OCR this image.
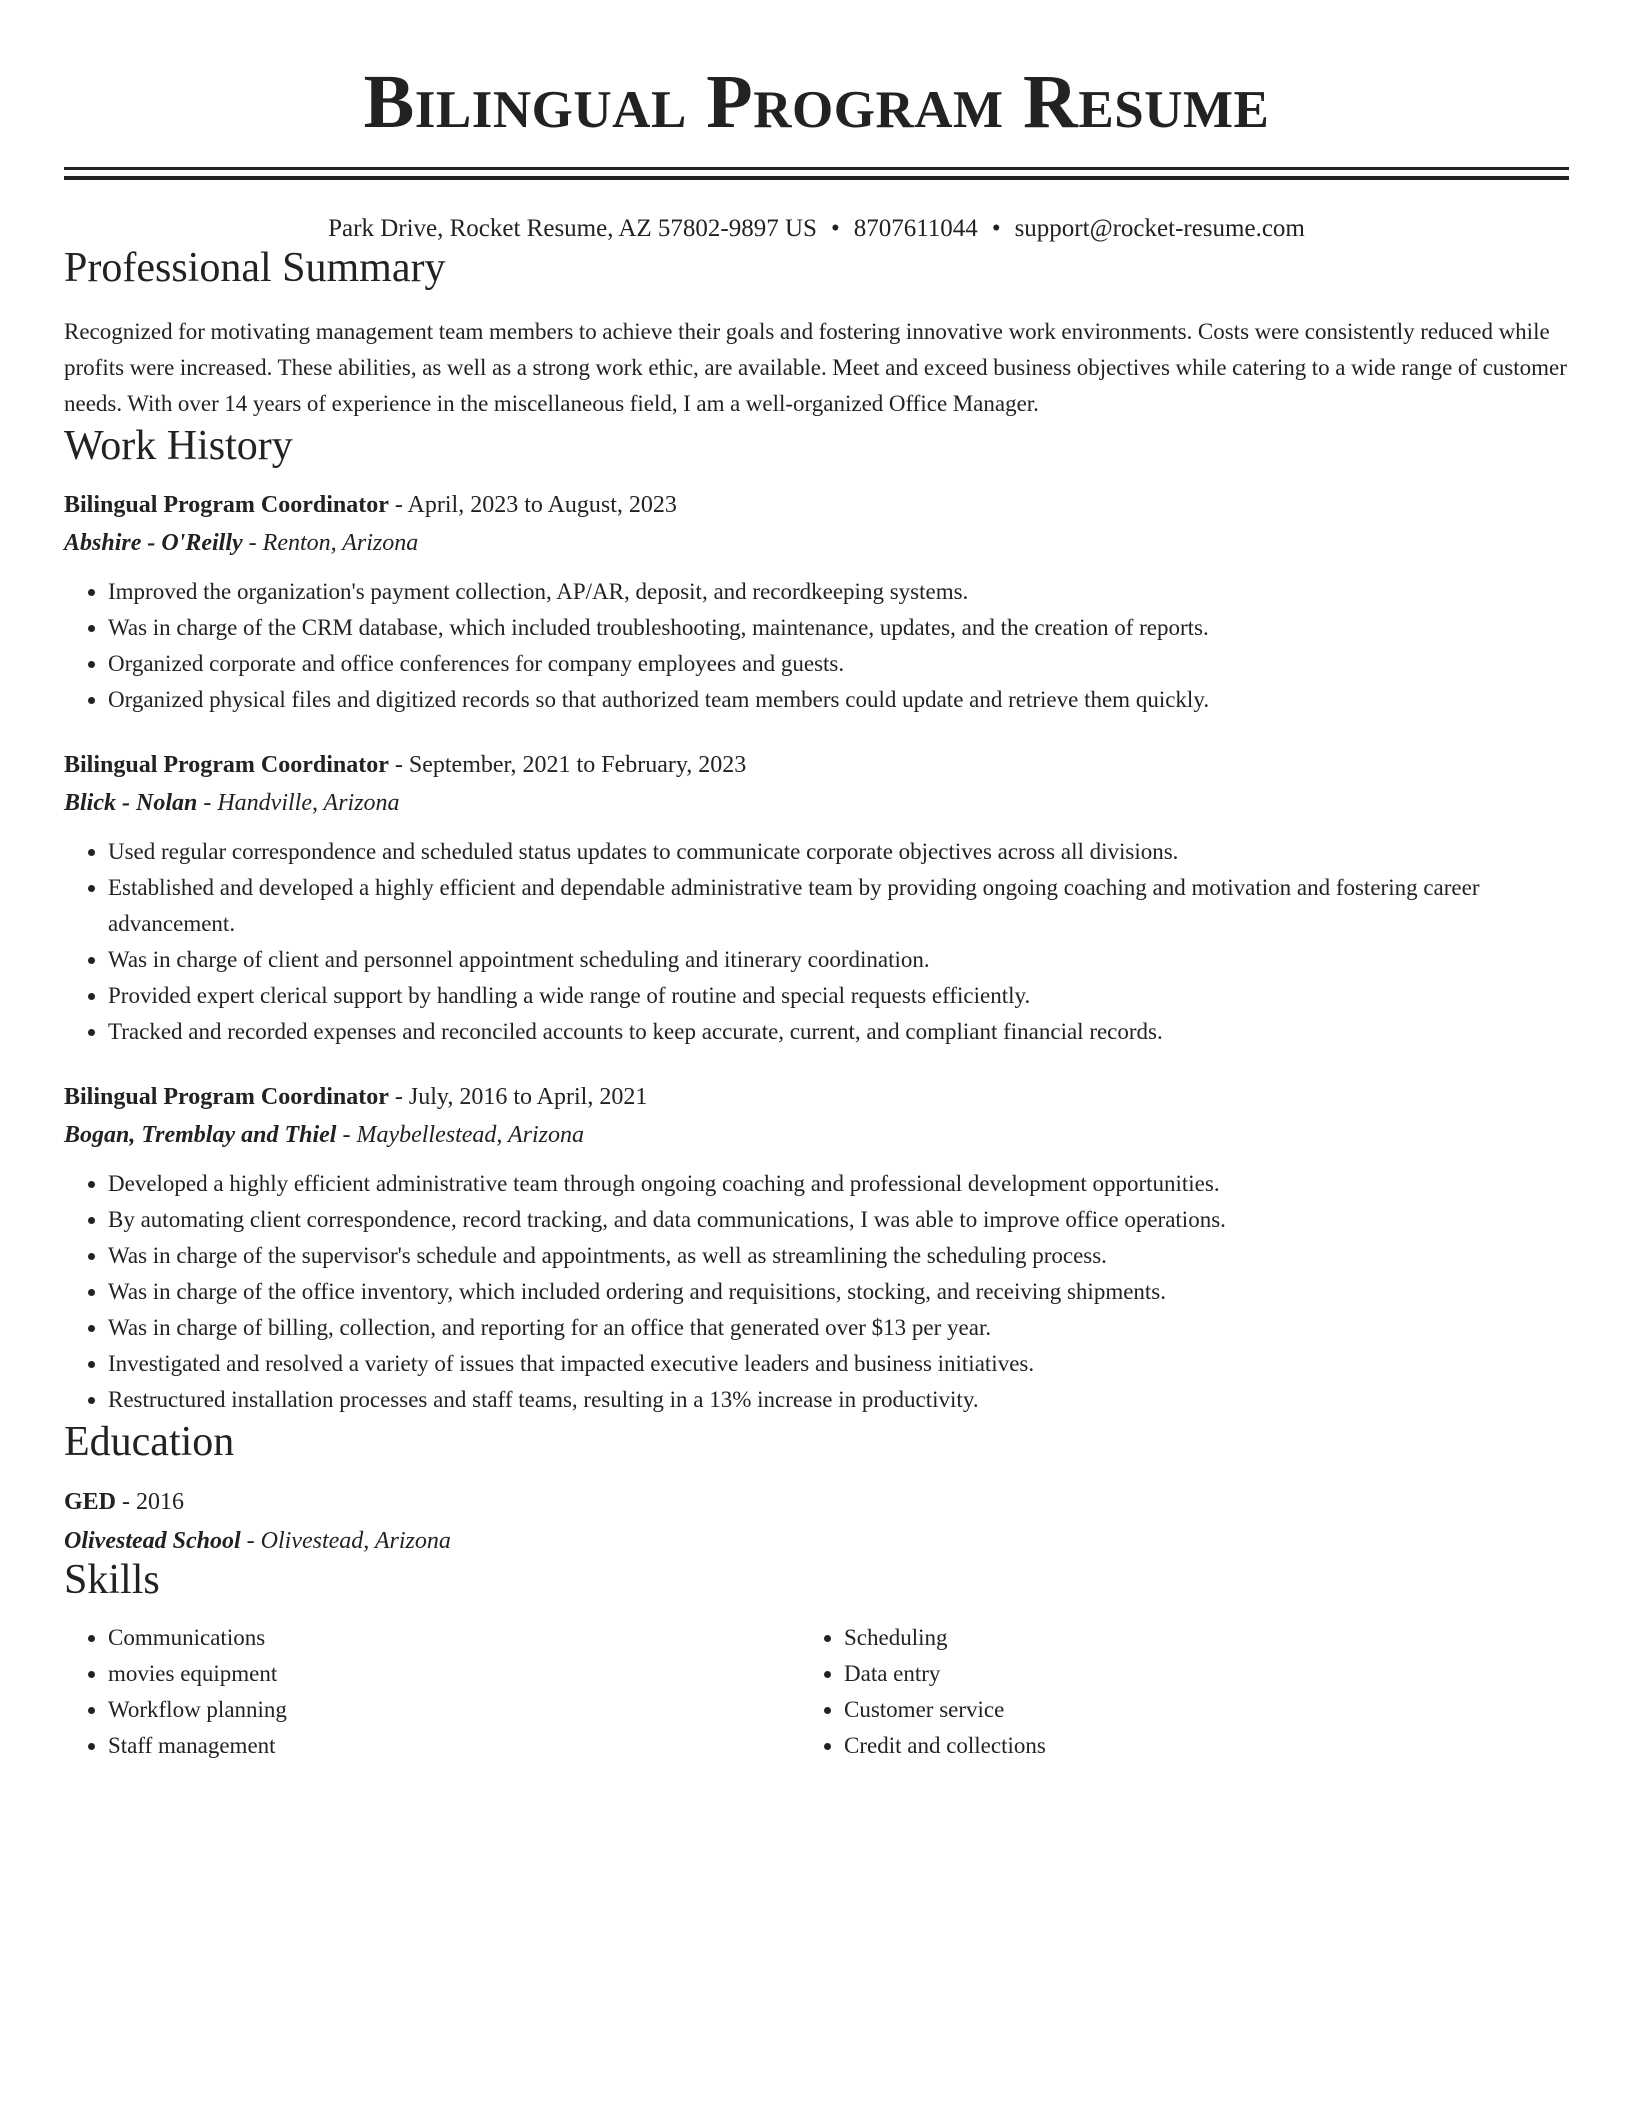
Bilingual Program Resume
Park Drive, Rocket Resume, AZ 57802-9897 US • 8707611044 • support@rocket-resume.com
Professional Summary
Recognized for motivating management team members to achieve their goals and fostering innovative work environments. Costs were consistently reduced while profits were increased. These abilities, as well as a strong work ethic, are available. Meet and exceed business objectives while catering to a wide range of customer needs. With over 14 years of experience in the miscellaneous field, I am a well-organized Office Manager.
Work History
Bilingual Program Coordinator - April, 2023 to August, 2023
Abshire - O'Reilly - Renton, Arizona
• Improved the organization's payment collection, AP/AR, deposit, and recordkeeping systems.
• Was in charge of the CRM database, which included troubleshooting, maintenance, updates, and the creation of reports.
• Organized corporate and office conferences for company employees and guests.
• Organized physical files and digitized records so that authorized team members could update and retrieve them quickly.
Bilingual Program Coordinator - September, 2021 to February, 2023
Blick - Nolan - Handville, Arizona
• Used regular correspondence and scheduled status updates to communicate corporate objectives across all divisions.
• Established and developed a highly efficient and dependable administrative team by providing ongoing coaching and motivation and fostering career advancement.
• Was in charge of client and personnel appointment scheduling and itinerary coordination.
• Provided expert clerical support by handling a wide range of routine and special requests efficiently.
• Tracked and recorded expenses and reconciled accounts to keep accurate, current, and compliant financial records.
Bilingual Program Coordinator - July, 2016 to April, 2021
Bogan, Tremblay and Thiel - Maybellestead, Arizona
• Developed a highly efficient administrative team through ongoing coaching and professional development opportunities.
• By automating client correspondence, record tracking, and data communications, I was able to improve office operations.
• Was in charge of the supervisor's schedule and appointments, as well as streamlining the scheduling process.
• Was in charge of the office inventory, which included ordering and requisitions, stocking, and receiving shipments.
• Was in charge of billing, collection, and reporting for an office that generated over $13 per year.
• Investigated and resolved a variety of issues that impacted executive leaders and business initiatives.
• Restructured installation processes and staff teams, resulting in a 13% increase in productivity.
Education
GED - 2016
Olivestead School - Olivestead, Arizona
Skills
• Communications
• movies equipment
• Workflow planning
• Staff management
• Scheduling
• Data entry
• Customer service
• Credit and collections
